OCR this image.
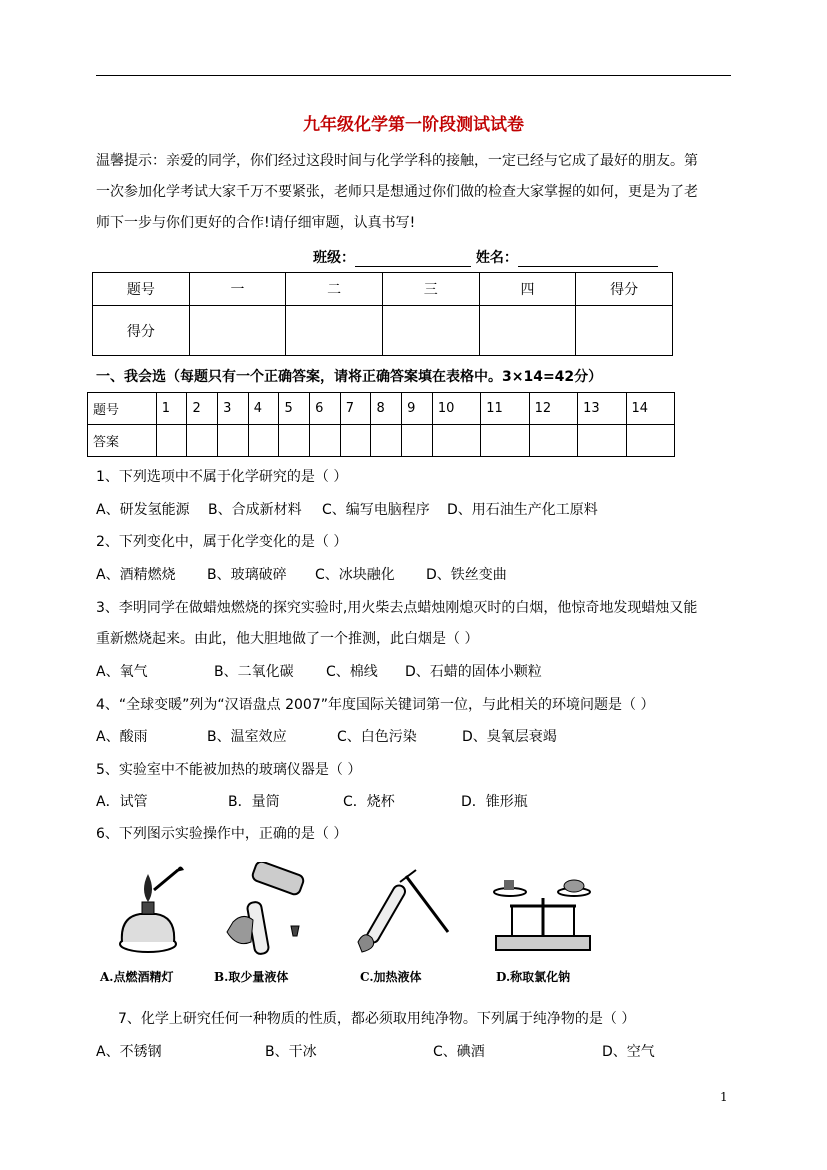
九年级化学第一阶段测试试卷
温馨提示：亲爱的同学，你们经过这段时间与化学学科的接触，一定已经与它成了最好的朋友。第
一次参加化学考试大家千万不要紧张，老师只是想通过你们做的检查大家掌握的如何，更是为了老
师下一步与你们更好的合作!请仔细审题，认真书写!
班级：	姓名：
题号	一	二	三	四	得分
得分					
一、我会选（每题只有一个正确答案，请将正确答案填在表格中。3×14=42分）
题号	1	2	3	4	5	6	7	8	9	10	11	12	13	14
答案														
1、下列选项中不属于化学研究的是（ ）
A、研发氢能源 B、合成新材料 C、编写电脑程序 D、用石油生产化工原料
2、下列变化中，属于化学变化的是（ ）
A、酒精燃烧 B、玻璃破碎 C、冰块融化 D、铁丝变曲
3、李明同学在做蜡烛燃烧的探究实验时,用火柴去点蜡烛刚熄灭时的白烟，他惊奇地发现蜡烛又能
重新燃烧起来。由此，他大胆地做了一个推测，此白烟是（ ）
A、氧气	B、二氧化碳 C、棉线 D、石蜡的固体小颗粒
4、“全球变暖”列为“汉语盘点 2007”年度国际关键词第一位，与此相关的环境问题是（ ）
A、酸雨	B、温室效应	C、白色污染	D、臭氧层衰竭
5、实验室中不能被加热的玻璃仪器是（ ）
A．试管	B．量筒	C．烧杯	D．锥形瓶
6、下列图示实验操作中，正确的是（ ）
A.点燃酒精灯	B.取少量液体	C.加热液体	D.称取氯化钠
7、化学上研究任何一种物质的性质，都必须取用纯净物。下列属于纯净物的是（ ）
A、不锈钢	B、干冰	C、碘酒	D、空气
1
